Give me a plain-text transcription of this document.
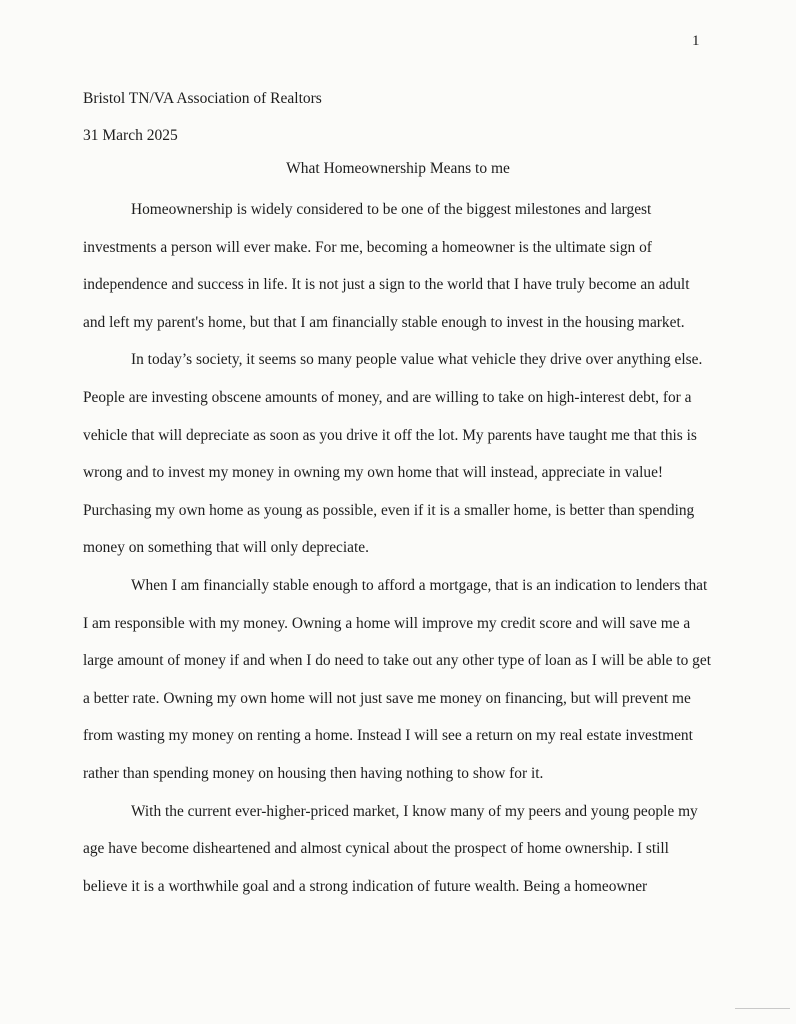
1
Bristol TN/VA Association of Realtors
31 March 2025
What Homeownership Means to me

Homeownership is widely considered to be one of the biggest milestones and largest investments a person will ever make. For me, becoming a homeowner is the ultimate sign of independence and success in life. It is not just a sign to the world that I have truly become an adult and left my parent's home, but that I am financially stable enough to invest in the housing market.

In today’s society, it seems so many people value what vehicle they drive over anything else. People are investing obscene amounts of money, and are willing to take on high-interest debt, for a vehicle that will depreciate as soon as you drive it off the lot. My parents have taught me that this is wrong and to invest my money in owning my own home that will instead, appreciate in value! Purchasing my own home as young as possible, even if it is a smaller home, is better than spending money on something that will only depreciate.

When I am financially stable enough to afford a mortgage, that is an indication to lenders that I am responsible with my money. Owning a home will improve my credit score and will save me a large amount of money if and when I do need to take out any other type of loan as I will be able to get a better rate. Owning my own home will not just save me money on financing, but will prevent me from wasting my money on renting a home. Instead I will see a return on my real estate investment rather than spending money on housing then having nothing to show for it.

With the current ever-higher-priced market, I know many of my peers and young people my age have become disheartened and almost cynical about the prospect of home ownership. I still believe it is a worthwhile goal and a strong indication of future wealth. Being a homeowner
